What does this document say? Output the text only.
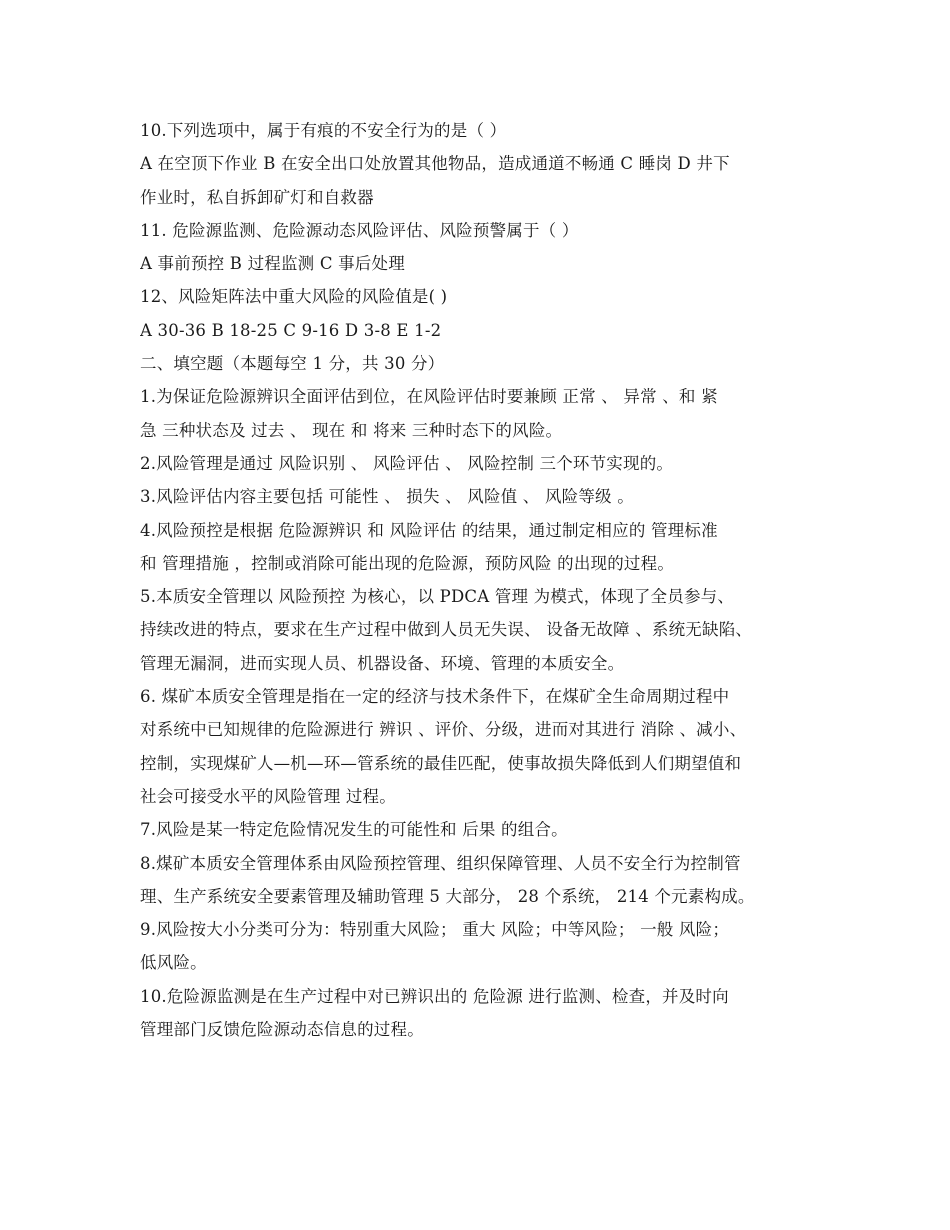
10.下列选项中，属于有痕的不安全行为的是（ ）
A 在空顶下作业 B 在安全出口处放置其他物品，造成通道不畅通 C 睡岗 D 井下
作业时，私自拆卸矿灯和自救器
11. 危险源监测、危险源动态风险评估、风险预警属于（ ）
A 事前预控 B 过程监测 C 事后处理
12、风险矩阵法中重大风险的风险值是( )
A 30-36 B 18-25 C 9-16 D 3-8 E 1-2
二、填空题（本题每空 1 分，共 30 分）
1.为保证危险源辨识全面评估到位，在风险评估时要兼顾 正常 、 异常 、和 紧
急 三种状态及 过去 、 现在 和 将来 三种时态下的风险。
2.风险管理是通过 风险识别 、 风险评估 、 风险控制 三个环节实现的。
3.风险评估内容主要包括 可能性 、 损失 、 风险值 、 风险等级 。
4.风险预控是根据 危险源辨识 和 风险评估 的结果，通过制定相应的 管理标准
和 管理措施 ，控制或消除可能出现的危险源，预防风险 的出现的过程。
5.本质安全管理以 风险预控 为核心，以 PDCA 管理 为模式，体现了全员参与、
持续改进的特点，要求在生产过程中做到人员无失误、 设备无故障 、系统无缺陷、
管理无漏洞，进而实现人员、机器设备、环境、管理的本质安全。
6. 煤矿本质安全管理是指在一定的经济与技术条件下，在煤矿全生命周期过程中
对系统中已知规律的危险源进行 辨识 、评价、分级，进而对其进行 消除 、减小、
控制，实现煤矿人—机—环—管系统的最佳匹配，使事故损失降低到人们期望值和
社会可接受水平的风险管理 过程。
7.风险是某一特定危险情况发生的可能性和 后果 的组合。
8.煤矿本质安全管理体系由风险预控管理、组织保障管理、人员不安全行为控制管
理、生产系统安全要素管理及辅助管理 5 大部分， 28 个系统， 214 个元素构成。
9.风险按大小分类可分为：特别重大风险； 重大 风险；中等风险； 一般 风险；
低风险。
10.危险源监测是在生产过程中对已辨识出的 危险源 进行监测、检查，并及时向
管理部门反馈危险源动态信息的过程。
